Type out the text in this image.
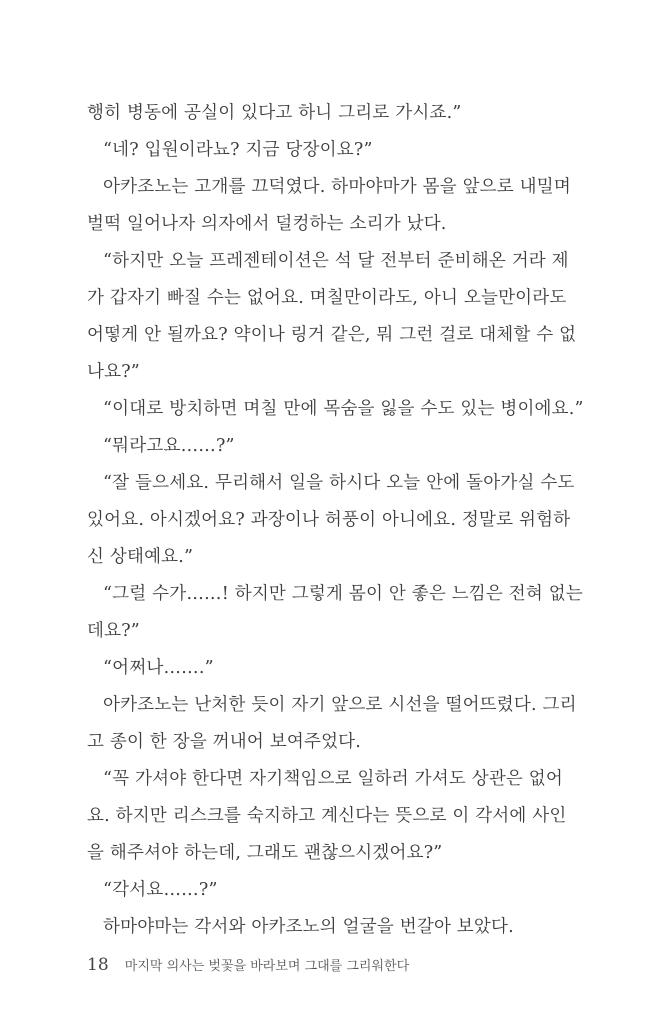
행히 병동에 공실이 있다고 하니 그리로 가시죠.”
“네? 입원이라뇨? 지금 당장이요?”
아카조노는 고개를 끄덕였다. 하마야마가 몸을 앞으로 내밀며
벌떡 일어나자 의자에서 덜컹하는 소리가 났다.
“하지만 오늘 프레젠테이션은 석 달 전부터 준비해온 거라 제
가 갑자기 빠질 수는 없어요. 며칠만이라도, 아니 오늘만이라도
어떻게 안 될까요? 약이나 링거 같은, 뭐 그런 걸로 대체할 수 없
나요?”
“이대로 방치하면 며칠 만에 목숨을 잃을 수도 있는 병이에요.”
“뭐라고요……?”
“잘 들으세요. 무리해서 일을 하시다 오늘 안에 돌아가실 수도
있어요. 아시겠어요? 과장이나 허풍이 아니에요. 정말로 위험하
신 상태예요.”
“그럴 수가……! 하지만 그렇게 몸이 안 좋은 느낌은 전혀 없는
데요?”
“어쩌나…….”
아카조노는 난처한 듯이 자기 앞으로 시선을 떨어뜨렸다. 그리
고 종이 한 장을 꺼내어 보여주었다.
“꼭 가셔야 한다면 자기책임으로 일하러 가셔도 상관은 없어
요. 하지만 리스크를 숙지하고 계신다는 뜻으로 이 각서에 사인
을 해주셔야 하는데, 그래도 괜찮으시겠어요?”
“각서요……?”
하마야마는 각서와 아카조노의 얼굴을 번갈아 보았다.
18 마지막 의사는 벚꽃을 바라보며 그대를 그리워한다
